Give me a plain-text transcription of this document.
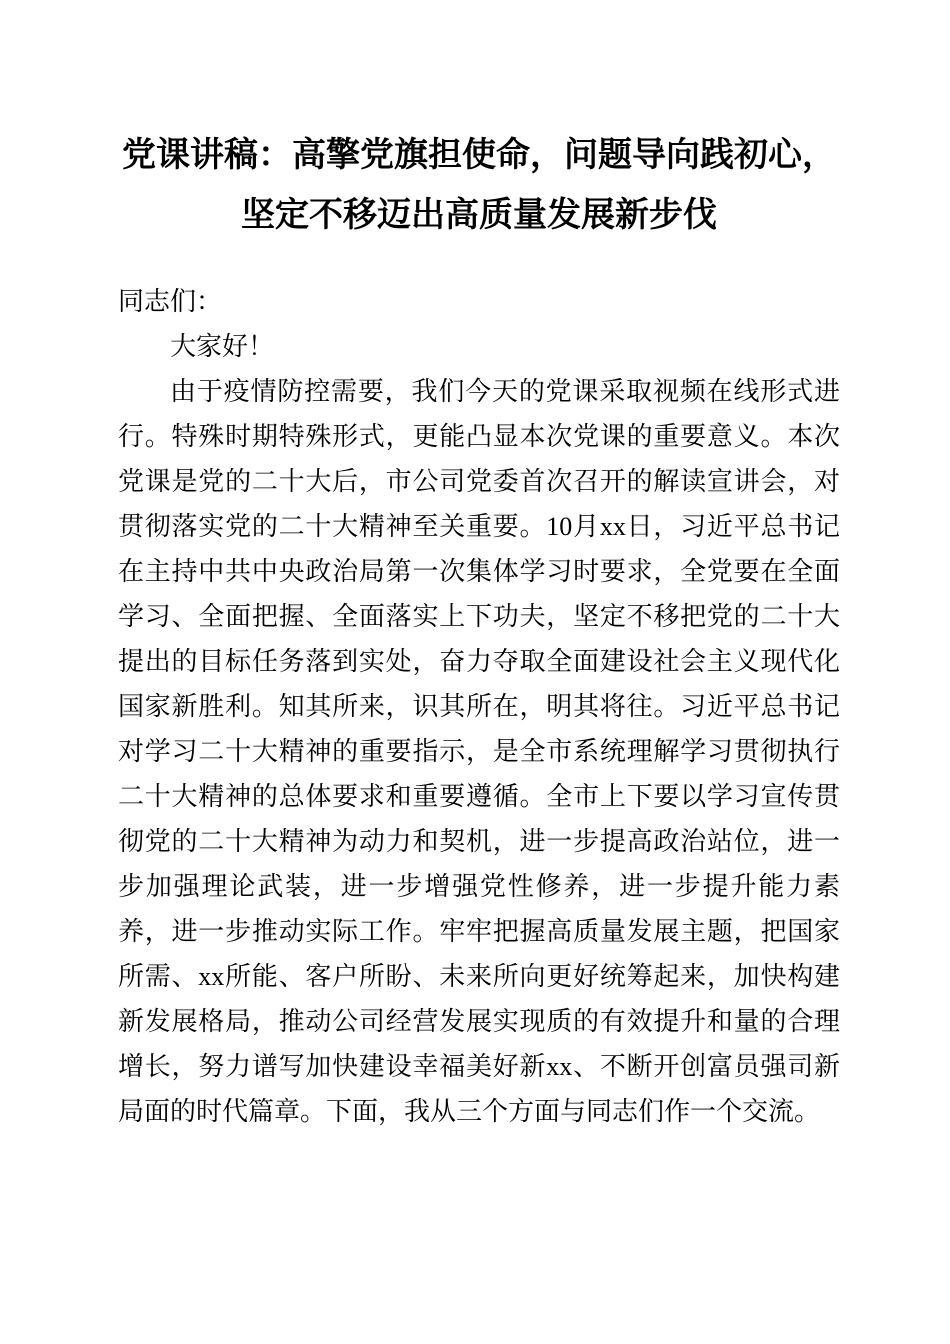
党课讲稿：高擎党旗担使命，问题导向践初心，
坚定不移迈出高质量发展新步伐

同志们：

大家好！

由于疫情防控需要，我们今天的党课采取视频在线形式进行。特殊时期特殊形式，更能凸显本次党课的重要意义。本次党课是党的二十大后，市公司党委首次召开的解读宣讲会，对贯彻落实党的二十大精神至关重要。10月xx日，习近平总书记在主持中共中央政治局第一次集体学习时要求，全党要在全面学习、全面把握、全面落实上下功夫，坚定不移把党的二十大提出的目标任务落到实处，奋力夺取全面建设社会主义现代化国家新胜利。知其所来，识其所在，明其将往。习近平总书记对学习二十大精神的重要指示，是全市系统理解学习贯彻执行二十大精神的总体要求和重要遵循。全市上下要以学习宣传贯彻党的二十大精神为动力和契机，进一步提高政治站位，进一步加强理论武装，进一步增强党性修养，进一步提升能力素养，进一步推动实际工作。牢牢把握高质量发展主题，把国家所需、xx所能、客户所盼、未来所向更好统筹起来，加快构建新发展格局，推动公司经营发展实现质的有效提升和量的合理增长，努力谱写加快建设幸福美好新xx、不断开创富员强司新局面的时代篇章。下面，我从三个方面与同志们作一个交流。
